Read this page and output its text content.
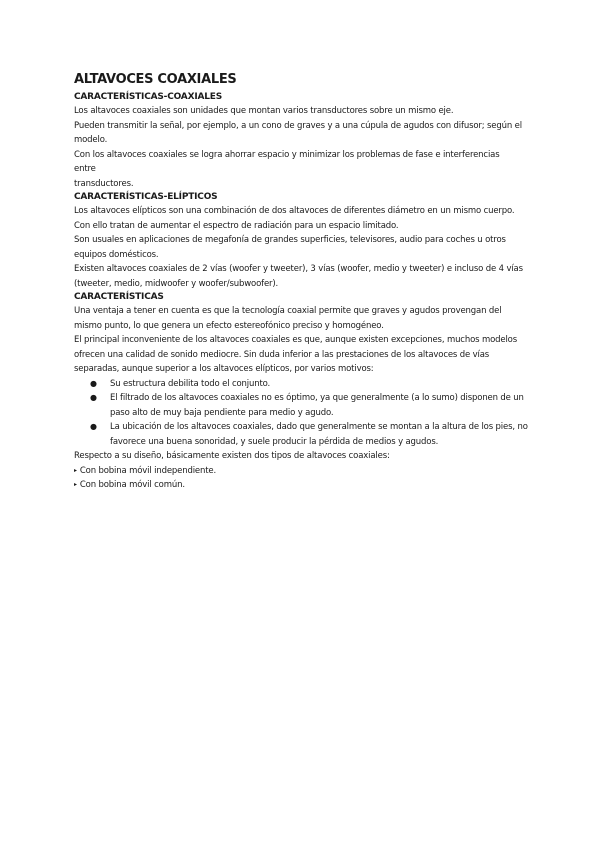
ALTAVOCES COAXIALES
CARACTERÍSTICAS-COAXIALES

Los altavoces coaxiales son unidades que montan varios transductores sobre un mismo eje.

Pueden transmitir la señal, por ejemplo, a un cono de graves y a una cúpula de agudos con difusor; según el

modelo.

Con los altavoces coaxiales se logra ahorrar espacio y minimizar los problemas de fase e interferencias

entre

transductores.

CARACTERÍSTICAS-ELÍPTICOS

Los altavoces elípticos son una combinación de dos altavoces de diferentes diámetro en un mismo cuerpo.

Con ello tratan de aumentar el espectro de radiación para un espacio limitado.

Son usuales en aplicaciones de megafonía de grandes superficies, televisores, audio para coches u otros

equipos domésticos.

Existen altavoces coaxiales de 2 vías (woofer y tweeter), 3 vías (woofer, medio y tweeter) e incluso de 4 vías

(tweeter, medio, midwoofer y woofer/subwoofer).

CARACTERÍSTICAS

Una ventaja a tener en cuenta es que la tecnología coaxial permite que graves y agudos provengan del

mismo punto, lo que genera un efecto estereofónico preciso y homogéneo.

El principal inconveniente de los altavoces coaxiales es que, aunque existen excepciones, muchos modelos

ofrecen una calidad de sonido mediocre. Sin duda inferior a las prestaciones de los altavoces de vías

separadas, aunque superior a los altavoces elípticos, por varios motivos:

● Su estructura debilita todo el conjunto.
● El filtrado de los altavoces coaxiales no es óptimo, ya que generalmente (a lo sumo) disponen de un
paso alto de muy baja pendiente para medio y agudo.
● La ubicación de los altavoces coaxiales, dado que generalmente se montan a la altura de los pies, no
favorece una buena sonoridad, y suele producir la pérdida de medios y agudos.

Respecto a su diseño, básicamente existen dos tipos de altavoces coaxiales:

▸ Con bobina móvil independiente.
▸ Con bobina móvil común.
